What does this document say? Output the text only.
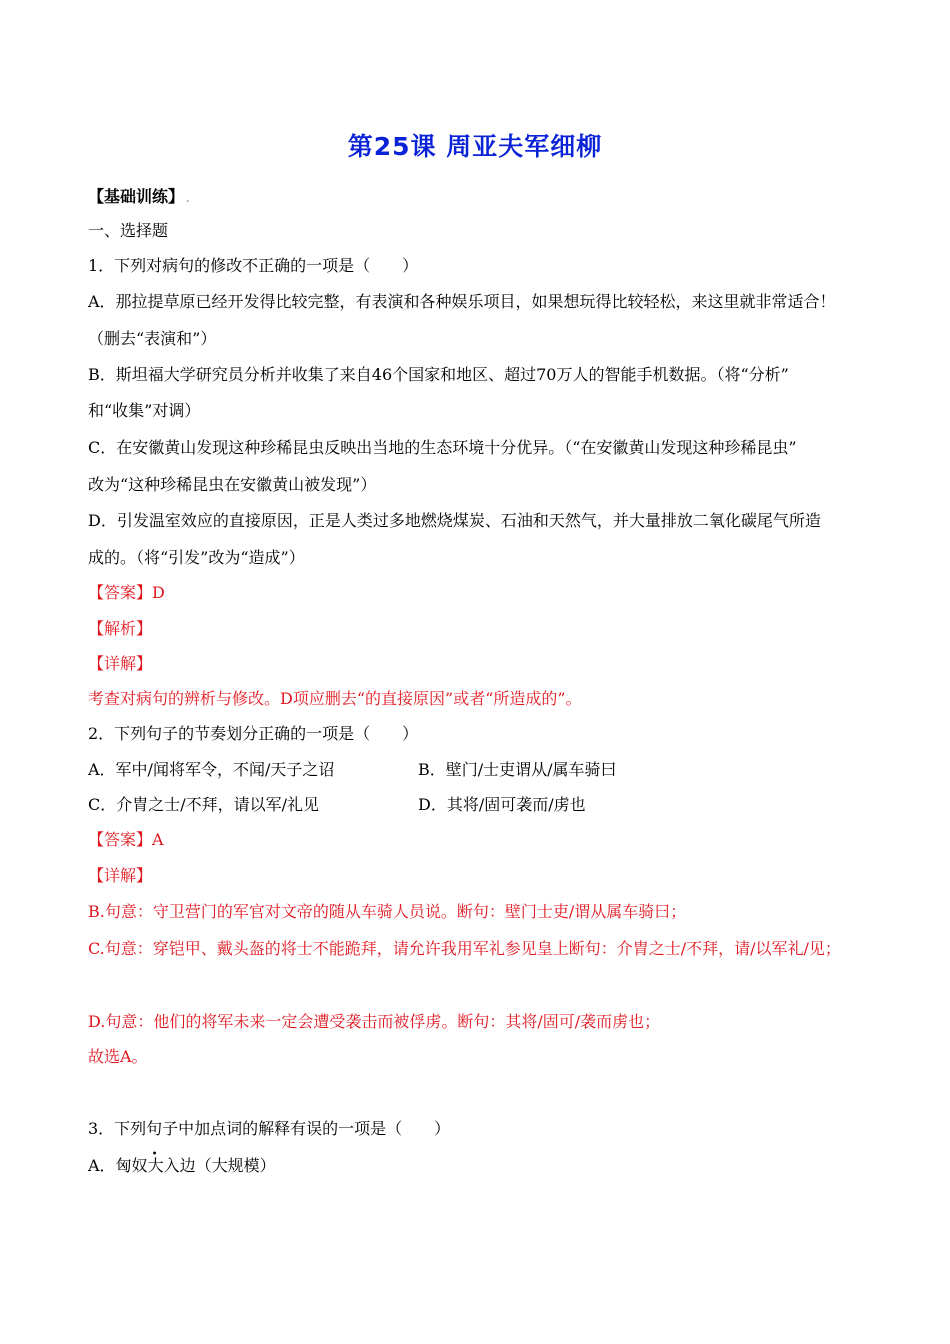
第25课 周亚夫军细柳
【基础训练】 .
一、选择题
1．下列对病句的修改不正确的一项是（　　）
A．那拉提草原已经开发得比较完整，有表演和各种娱乐项目，如果想玩得比较轻松，来这里就非常适合！
（删去“表演和”）
B．斯坦福大学研究员分析并收集了来自46个国家和地区、超过70万人的智能手机数据。（将“分析”
和“收集”对调）
C．在安徽黄山发现这种珍稀昆虫反映出当地的生态环境十分优异。（“在安徽黄山发现这种珍稀昆虫”
改为“这种珍稀昆虫在安徽黄山被发现”）
D．引发温室效应的直接原因，正是人类过多地燃烧煤炭、石油和天然气，并大量排放二氧化碳尾气所造
成的。（将“引发”改为“造成”）
【答案】D
【解析】
【详解】
考查对病句的辨析与修改。D项应删去“的直接原因”或者“所造成的”。
2．下列句子的节奏划分正确的一项是（　　）
A．军中/闻将军令，不闻/天子之诏	B．壁门/士吏谓从/属车骑曰
C．介胄之士/不拜，请以军/礼见	D．其将/固可袭而/虏也
【答案】A
【详解】
B.句意：守卫营门的军官对文帝的随从车骑人员说。断句：壁门士吏/谓从属车骑曰；
C.句意：穿铠甲、戴头盔的将士不能跪拜，请允许我用军礼参见皇上断句：介胄之士/不拜，请/以军礼/见；
D.句意：他们的将军未来一定会遭受袭击而被俘虏。断句：其将/固可/袭而虏也；
故选A。
3．下列句子中加点词的解释有误的一项是（　　）
A．匈奴大入边（大规模）
